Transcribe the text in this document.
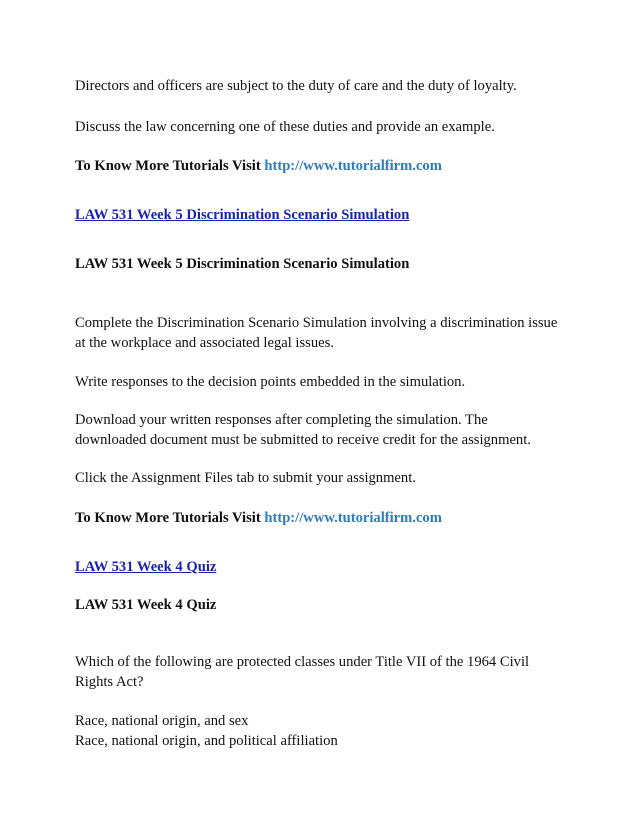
Directors and officers are subject to the duty of care and the duty of loyalty.

Discuss the law concerning one of these duties and provide an example.

To Know More Tutorials Visit http://www.tutorialfirm.com

LAW 531 Week 5 Discrimination Scenario Simulation

LAW 531 Week 5 Discrimination Scenario Simulation

Complete the Discrimination Scenario Simulation involving a discrimination issue

at the workplace and associated legal issues.

Write responses to the decision points embedded in the simulation.

Download your written responses after completing the simulation. The

downloaded document must be submitted to receive credit for the assignment.

Click the Assignment Files tab to submit your assignment.

To Know More Tutorials Visit http://www.tutorialfirm.com

LAW 531 Week 4 Quiz

LAW 531 Week 4 Quiz

Which of the following are protected classes under Title VII of the 1964 Civil

Rights Act?

Race, national origin, and sex

Race, national origin, and political affiliation
